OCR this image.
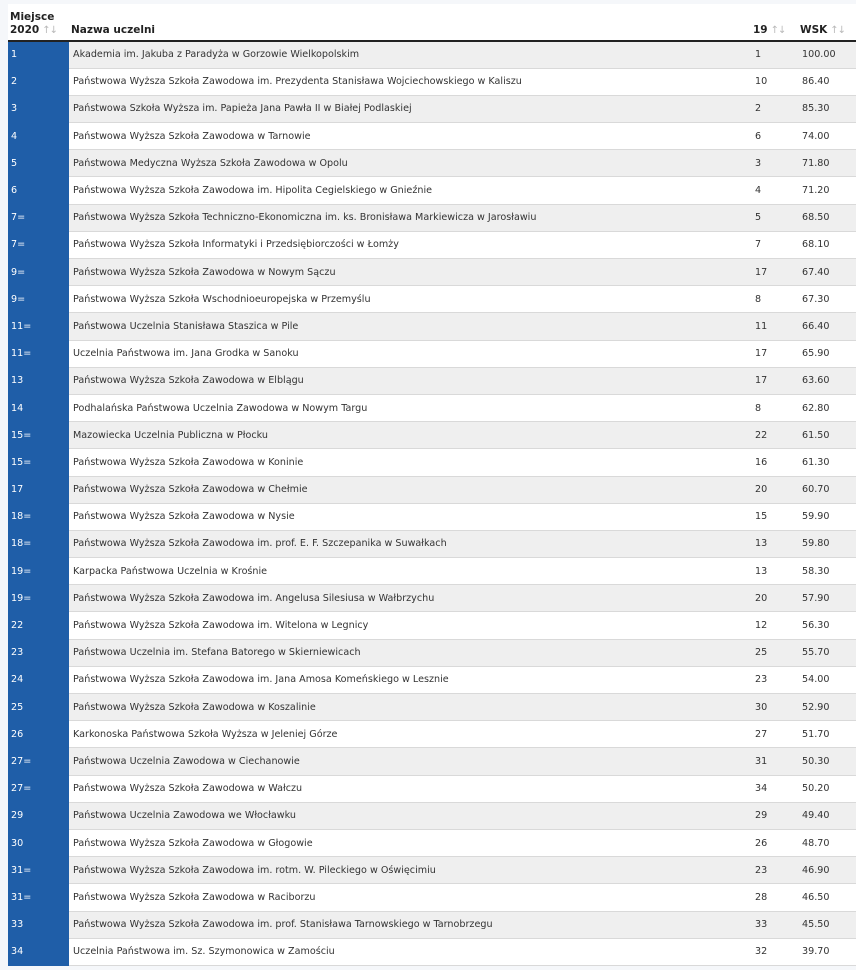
Miejsce
2020 ↑↓	Nazwa uczelni	19 ↑↓	WSK ↑↓
1	Akademia im. Jakuba z Paradyża w Gorzowie Wielkopolskim	1	100.00
2	Państwowa Wyższa Szkoła Zawodowa im. Prezydenta Stanisława Wojciechowskiego w Kaliszu	10	86.40
3	Państwowa Szkoła Wyższa im. Papieża Jana Pawła II w Białej Podlaskiej	2	85.30
4	Państwowa Wyższa Szkoła Zawodowa w Tarnowie	6	74.00
5	Państwowa Medyczna Wyższa Szkoła Zawodowa w Opolu	3	71.80
6	Państwowa Wyższa Szkoła Zawodowa im. Hipolita Cegielskiego w Gnieźnie	4	71.20
7=	Państwowa Wyższa Szkoła Techniczno-Ekonomiczna im. ks. Bronisława Markiewicza w Jarosławiu	5	68.50
7=	Państwowa Wyższa Szkoła Informatyki i Przedsiębiorczości w Łomży	7	68.10
9=	Państwowa Wyższa Szkoła Zawodowa w Nowym Sączu	17	67.40
9=	Państwowa Wyższa Szkoła Wschodnioeuropejska w Przemyślu	8	67.30
11=	Państwowa Uczelnia Stanisława Staszica w Pile	11	66.40
11=	Uczelnia Państwowa im. Jana Grodka w Sanoku	17	65.90
13	Państwowa Wyższa Szkoła Zawodowa w Elblągu	17	63.60
14	Podhalańska Państwowa Uczelnia Zawodowa w Nowym Targu	8	62.80
15=	Mazowiecka Uczelnia Publiczna w Płocku	22	61.50
15=	Państwowa Wyższa Szkoła Zawodowa w Koninie	16	61.30
17	Państwowa Wyższa Szkoła Zawodowa w Chełmie	20	60.70
18=	Państwowa Wyższa Szkoła Zawodowa w Nysie	15	59.90
18=	Państwowa Wyższa Szkoła Zawodowa im. prof. E. F. Szczepanika w Suwałkach	13	59.80
19=	Karpacka Państwowa Uczelnia w Krośnie	13	58.30
19=	Państwowa Wyższa Szkoła Zawodowa im. Angelusa Silesiusa w Wałbrzychu	20	57.90
22	Państwowa Wyższa Szkoła Zawodowa im. Witelona w Legnicy	12	56.30
23	Państwowa Uczelnia im. Stefana Batorego w Skierniewicach	25	55.70
24	Państwowa Wyższa Szkoła Zawodowa im. Jana Amosa Komeńskiego w Lesznie	23	54.00
25	Państwowa Wyższa Szkoła Zawodowa w Koszalinie	30	52.90
26	Karkonoska Państwowa Szkoła Wyższa w Jeleniej Górze	27	51.70
27=	Państwowa Uczelnia Zawodowa w Ciechanowie	31	50.30
27=	Państwowa Wyższa Szkoła Zawodowa w Wałczu	34	50.20
29	Państwowa Uczelnia Zawodowa we Włocławku	29	49.40
30	Państwowa Wyższa Szkoła Zawodowa w Głogowie	26	48.70
31=	Państwowa Wyższa Szkoła Zawodowa im. rotm. W. Pileckiego w Oświęcimiu	23	46.90
31=	Państwowa Wyższa Szkoła Zawodowa w Raciborzu	28	46.50
33	Państwowa Wyższa Szkoła Zawodowa im. prof. Stanisława Tarnowskiego w Tarnobrzegu	33	45.50
34	Uczelnia Państwowa im. Sz. Szymonowica w Zamościu	32	39.70
